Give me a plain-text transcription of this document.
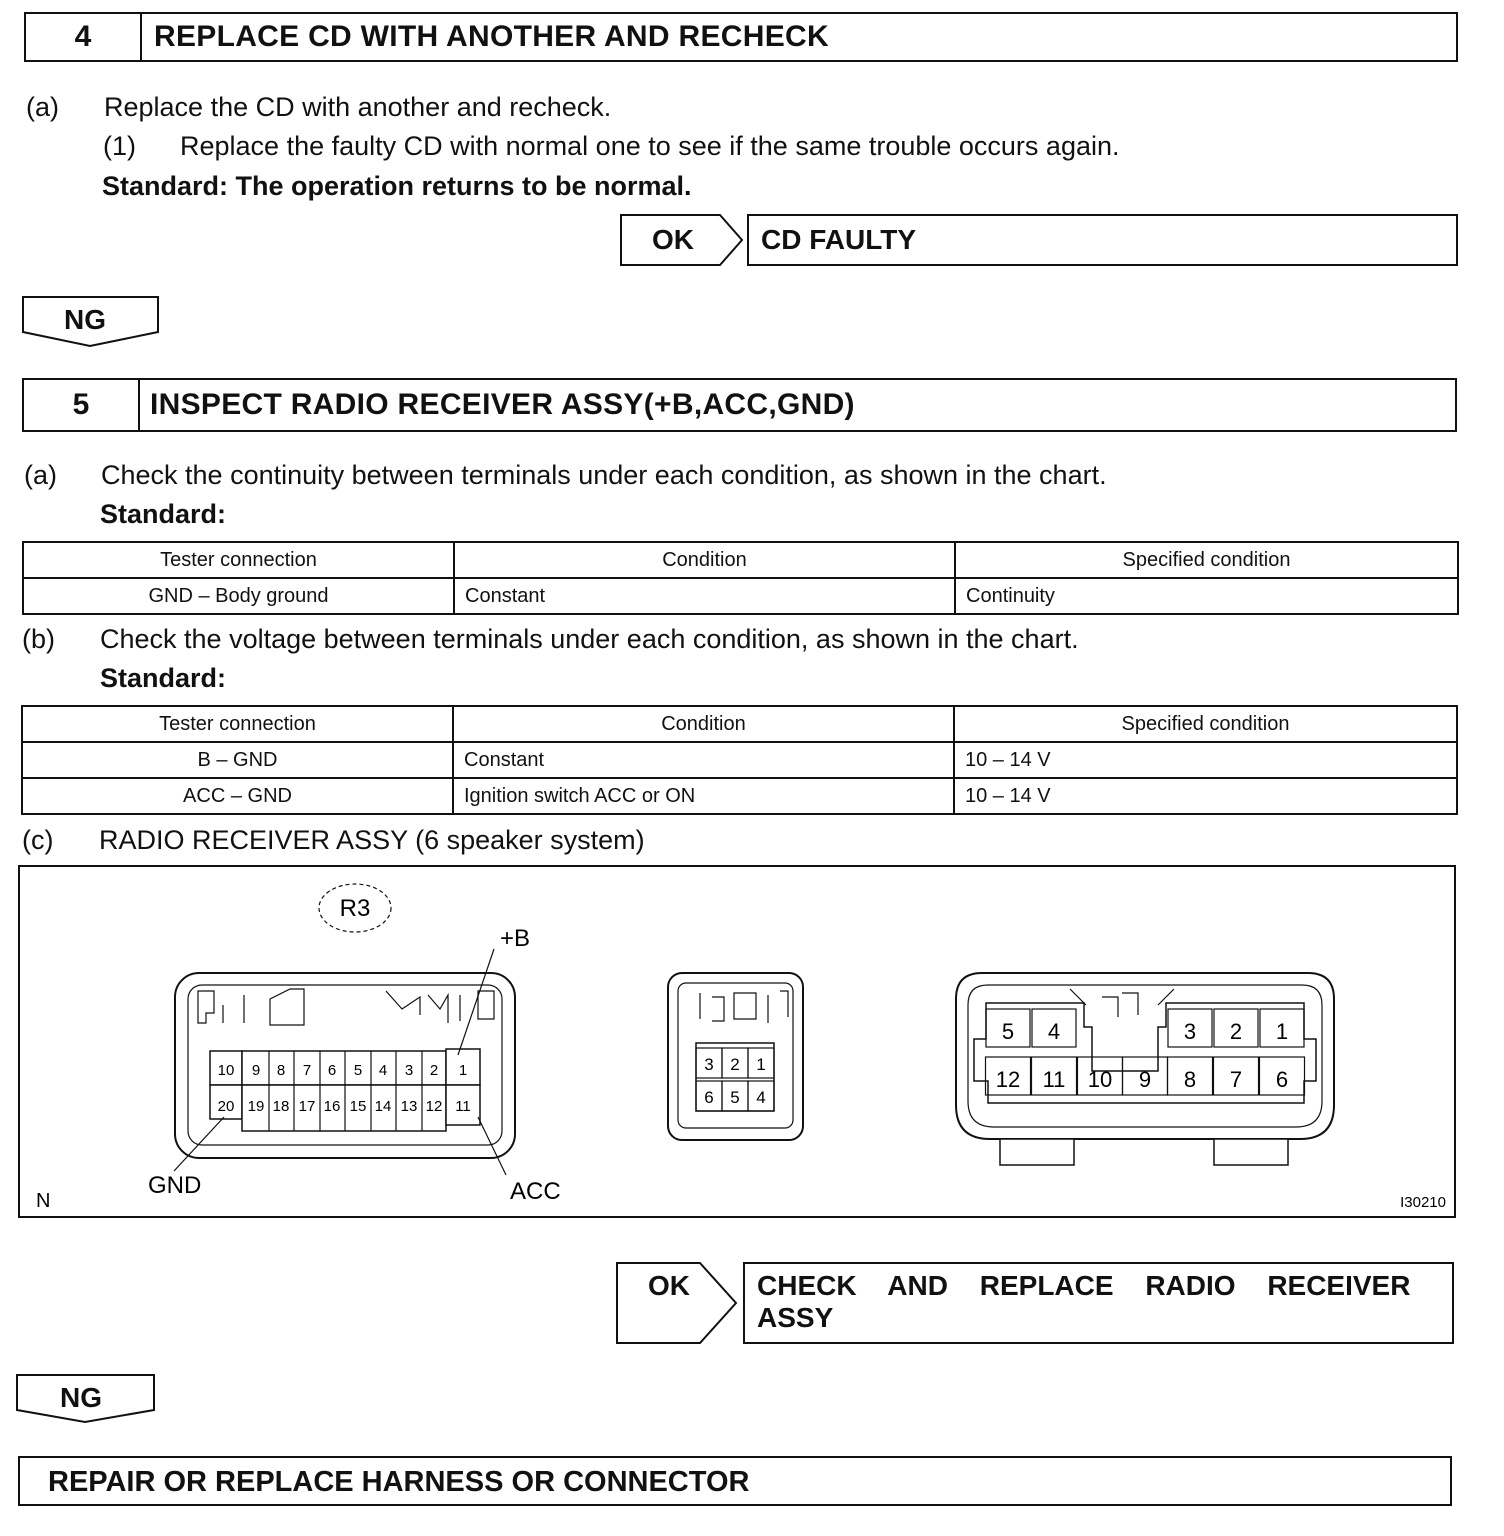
4	REPLACE CD WITH ANOTHER AND RECHECK
(a) Replace the CD with another and recheck.
(1) Replace the faulty CD with normal one to see if the same trouble occurs again.
Standard: The operation returns to be normal.
OK CD FAULTY
NG
5	INSPECT RADIO RECEIVER ASSY(+B,ACC,GND)
(a) Check the continuity between terminals under each condition, as shown in the chart.
Standard:
Tester connection	Condition	Specified condition
GND – Body ground	Constant	Continuity
(b) Check the voltage between terminals under each condition, as shown in the chart.
Standard:
Tester connection	Condition	Specified condition
B – GND	Constant	10 – 14 V
ACC – GND	Ignition switch ACC or ON	10 – 14 V
(c) RADIO RECEIVER ASSY (6 speaker system)
R3
10 9 8 7 6 5 4 3 2 1
20 19 18 17 16 15 14 13 12 11
+B
GND	ACC
3 2 1
6 5 4
5 4	3 2 1
12 11 10 9 8 7 6
N	I30210
OK CHECK AND REPLACE RADIO RECEIVER
ASSY
NG
REPAIR OR REPLACE HARNESS OR CONNECTOR
